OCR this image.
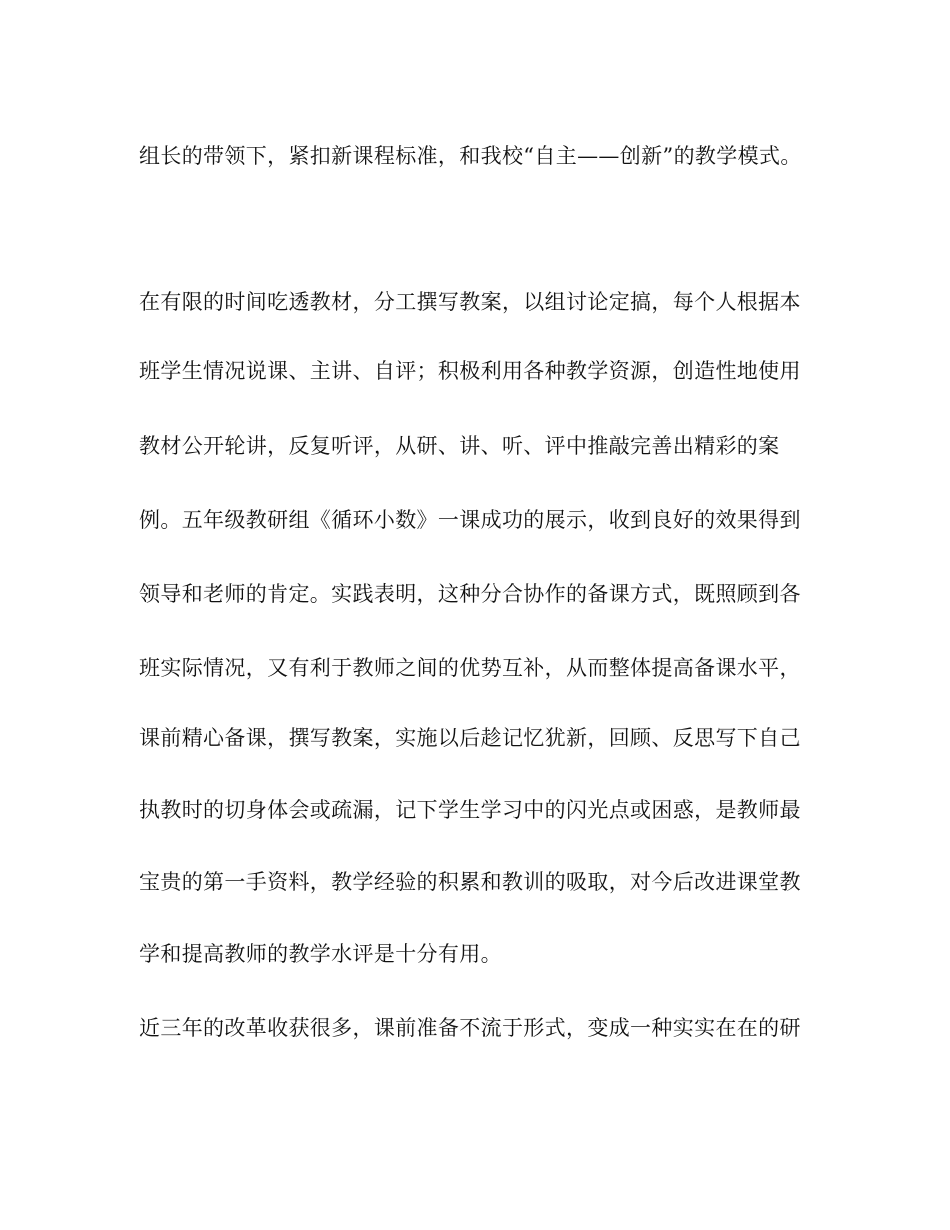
组长的带领下，紧扣新课程标准，和我校“自主——创新”的教学模式。
在有限的时间吃透教材，分工撰写教案，以组讨论定搞，每个人根据本
班学生情况说课、主讲、自评；积极利用各种教学资源，创造性地使用
教材公开轮讲，反复听评，从研、讲、听、评中推敲完善出精彩的案
例。五年级教研组《循环小数》一课成功的展示，收到良好的效果得到
领导和老师的肯定。实践表明，这种分合协作的备课方式，既照顾到各
班实际情况，又有利于教师之间的优势互补，从而整体提高备课水平，
课前精心备课，撰写教案，实施以后趁记忆犹新，回顾、反思写下自己
执教时的切身体会或疏漏，记下学生学习中的闪光点或困惑，是教师最
宝贵的第一手资料，教学经验的积累和教训的吸取，对今后改进课堂教
学和提高教师的教学水评是十分有用。
近三年的改革收获很多，课前准备不流于形式，变成一种实实在在的研
